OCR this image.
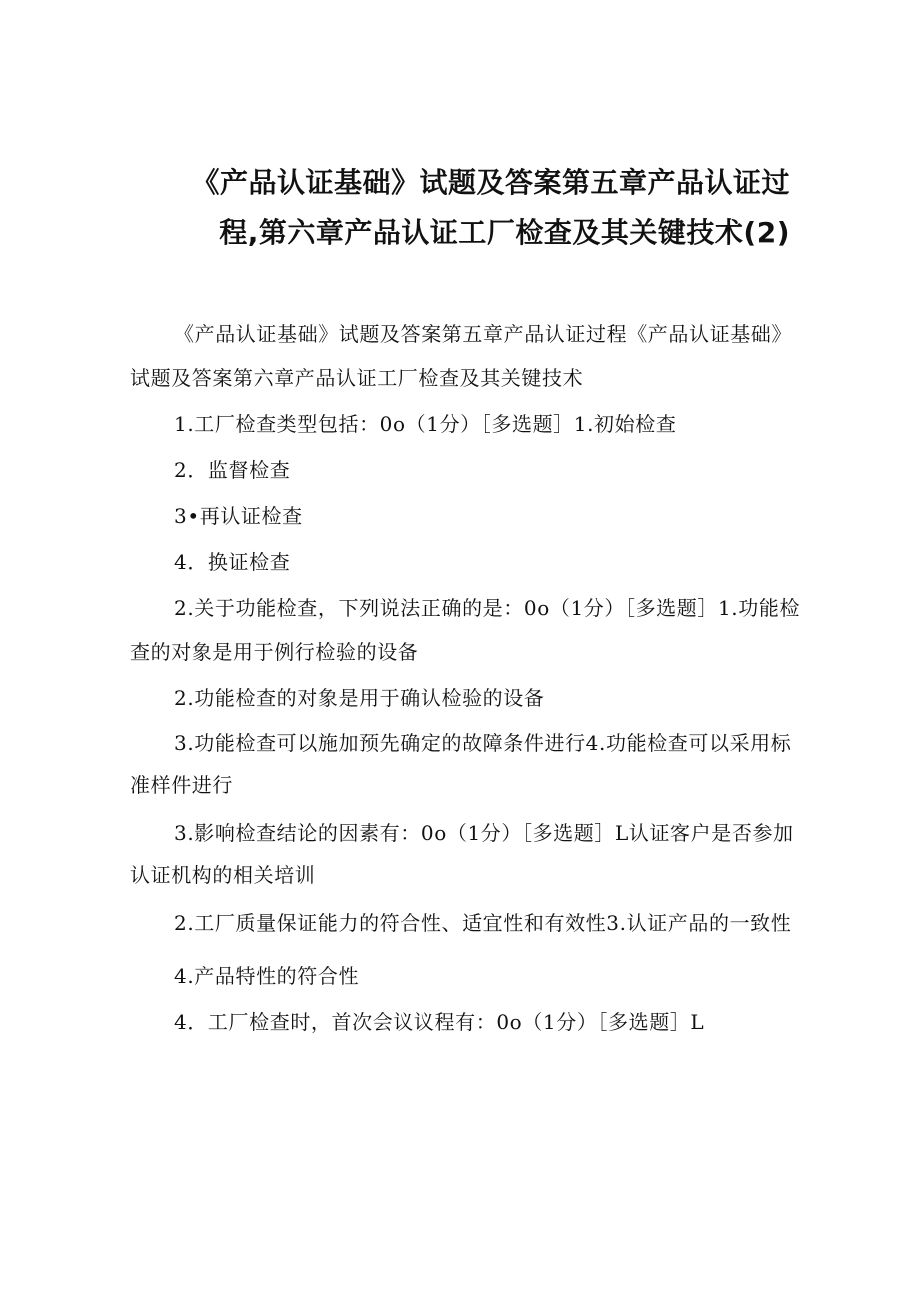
《产品认证基础》试题及答案第五章产品认证过
程,第六章产品认证工厂检查及其关键技术(2)

《产品认证基础》试题及答案第五章产品认证过程《产品认证基础》试题及答案第六章产品认证工厂检查及其关键技术

1.工厂检查类型包括：0o（1分）［多选题］1.初始检查

2．监督检查

3•再认证检查

4．换证检查

2.关于功能检查，下列说法正确的是：0o（1分）［多选题］1.功能检查的对象是用于例行检验的设备

2.功能检查的对象是用于确认检验的设备

3.功能检查可以施加预先确定的故障条件进行4.功能检查可以采用标准样件进行

3.影响检查结论的因素有：0o（1分）［多选题］L认证客户是否参加认证机构的相关培训

2.工厂质量保证能力的符合性、适宜性和有效性3.认证产品的一致性

4.产品特性的符合性

4．工厂检查时，首次会议议程有：0o（1分）［多选题］L
